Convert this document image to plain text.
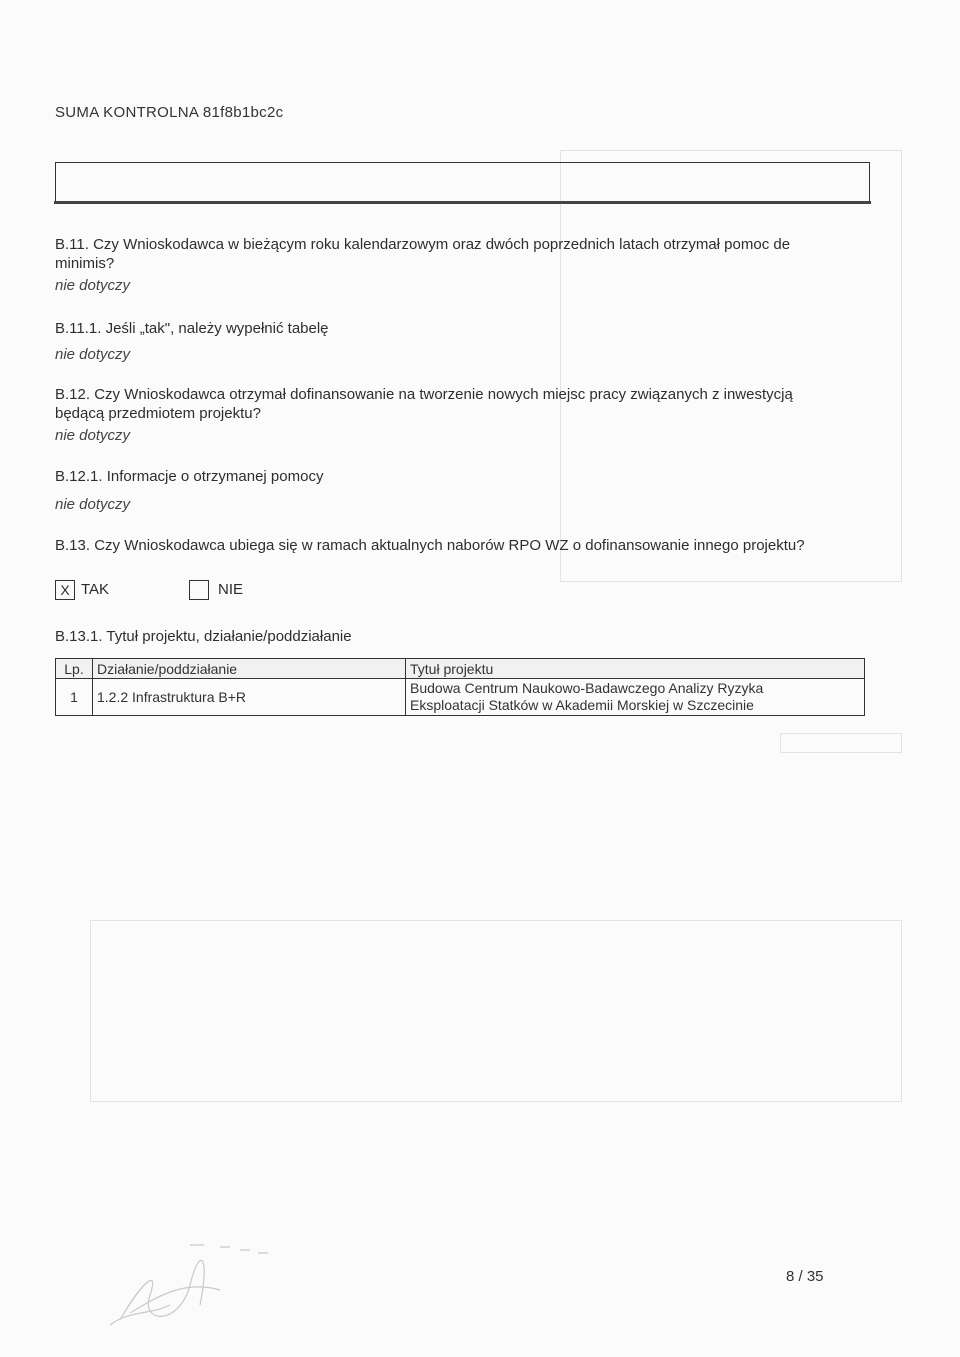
SUMA KONTROLNA 81f8b1bc2c
B.11. Czy Wnioskodawca w bieżącym roku kalendarzowym oraz dwóch poprzednich latach otrzymał pomoc de
minimis?
nie dotyczy
B.11.1. Jeśli „tak", należy wypełnić tabelę
nie dotyczy
B.12. Czy Wnioskodawca otrzymał dofinansowanie na tworzenie nowych miejsc pracy związanych z inwestycją
będącą przedmiotem projektu?
nie dotyczy
B.12.1. Informacje o otrzymanej pomocy
nie dotyczy
B.13. Czy Wnioskodawca ubiega się w ramach aktualnych naborów RPO WZ o dofinansowanie innego projektu?
X TAK	NIE
B.13.1. Tytuł projektu, działanie/poddziałanie
Lp.	Działanie/poddziałanie	Tytuł projektu
1	1.2.2 Infrastruktura B+R	Budowa Centrum Naukowo-Badawczego Analizy Ryzyka
Eksploatacji Statków w Akademii Morskiej w Szczecinie
8 / 35
